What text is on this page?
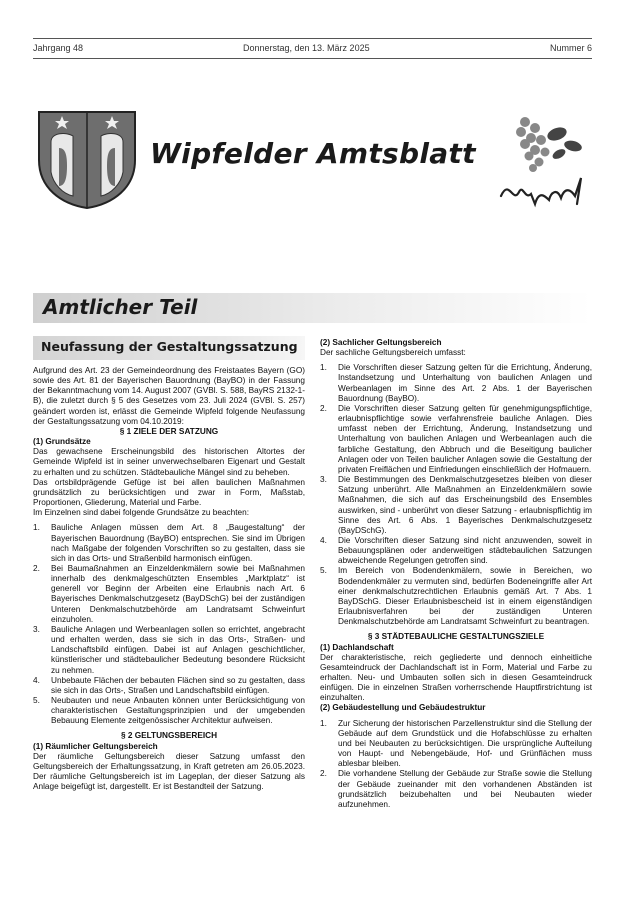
Jahrgang 48	Donnerstag, den 13. März 2025	Nummer 6
Wipfelder Amtsblatt
Wipfeld
Amtlicher Teil
Neufassung der Gestaltungssatzung

Aufgrund des Art. 23 der Gemeindeordnung des Freistaates Bayern (GO) sowie des Art. 81 der Bayerischen Bauordnung (BayBO) in der Fassung der Bekanntmachung vom 14. August 2007 (GVBl. S. 588, BayRS 2132-1-B), die zuletzt durch § 5 des Gesetzes vom 23. Juli 2024 (GVBl. S. 257) geändert worden ist, erlässt die Gemeinde Wipfeld folgende Neufassung der Gestaltungssatzung vom 04.10.2019:

§ 1 ZIELE DER SATZUNG

(1) Grundsätze

Das gewachsene Erscheinungsbild des historischen Altortes der Gemeinde Wipfeld ist in seiner unverwechselbaren Eigenart und Gestalt zu erhalten und zu schützen. Städtebauliche Mängel sind zu beheben.

Das ortsbildprägende Gefüge ist bei allen baulichen Maßnahmen grundsätzlich zu berücksichtigen und zwar in Form, Maßstab, Proportionen, Gliederung, Material und Farbe.

Im Einzelnen sind dabei folgende Grundsätze zu beachten:

1. Bauliche Anlagen müssen dem Art. 8 „Baugestaltung“ der Bayerischen Bauordnung (BayBO) entsprechen. Sie sind im Übrigen nach Maßgabe der folgenden Vorschriften so zu gestalten, dass sie sich in das Orts- und Straßenbild harmonisch einfügen.
2. Bei Baumaßnahmen an Einzeldenkmälern sowie bei Maßnahmen innerhalb des denkmalgeschützten Ensembles „Marktplatz“ ist generell vor Beginn der Arbeiten eine Erlaubnis nach Art. 6 Bayerisches Denkmalschutzgesetz (BayDSchG) bei der zuständigen Unteren Denkmalschutzbehörde am Landratsamt Schweinfurt einzuholen.
3. Bauliche Anlagen und Werbeanlagen sollen so errichtet, angebracht und erhalten werden, dass sie sich in das Orts-, Straßen- und Landschaftsbild einfügen. Dabei ist auf Anlagen geschichtlicher, künstlerischer und städtebaulicher Bedeutung besondere Rücksicht zu nehmen.
4. Unbebaute Flächen der bebauten Flächen sind so zu gestalten, dass sie sich in das Orts-, Straßen und Landschaftsbild einfügen.
5. Neubauten und neue Anbauten können unter Berücksichtigung von charakteristischen Gestaltungsprinzipien und der umgebenden Bebauung Elemente zeitgenössischer Architektur aufweisen.

§ 2 GELTUNGSBEREICH

(1) Räumlicher Geltungsbereich

Der räumliche Geltungsbereich dieser Satzung umfasst den Geltungsbereich der Erhaltungssatzung, in Kraft getreten am 26.05.2023. Der räumliche Geltungsbereich ist im Lageplan, der dieser Satzung als Anlage beigefügt ist, dargestellt. Er ist Bestandteil der Satzung.

(2) Sachlicher Geltungsbereich

Der sachliche Geltungsbereich umfasst:

1. Die Vorschriften dieser Satzung gelten für die Errichtung, Änderung, Instandsetzung und Unterhaltung von baulichen Anlagen und Werbeanlagen im Sinne des Art. 2 Abs. 1 der Bayerischen Bauordnung (BayBO).
2. Die Vorschriften dieser Satzung gelten für genehmigungspflichtige, erlaubnispflichtige sowie verfahrensfreie bauliche Anlagen. Dies umfasst neben der Errichtung, Änderung, Instandsetzung und Unterhaltung von baulichen Anlagen und Werbeanlagen auch die farbliche Gestaltung, den Abbruch und die Beseitigung baulicher Anlagen oder von Teilen baulicher Anlagen sowie die Gestaltung der privaten Freiflächen und Einfriedungen einschließlich der Hofmauern.
3. Die Bestimmungen des Denkmalschutzgesetzes bleiben von dieser Satzung unberührt. Alle Maßnahmen an Einzeldenkmälern sowie Maßnahmen, die sich auf das Erscheinungsbild des Ensembles auswirken, sind - unberührt von dieser Satzung - erlaubnispflichtig im Sinne des Art. 6 Abs. 1 Bayerisches Denkmalschutzgesetz (BayDSchG).
4. Die Vorschriften dieser Satzung sind nicht anzuwenden, soweit in Bebauungsplänen oder anderweitigen städtebaulichen Satzungen abweichende Regelungen getroffen sind.
5. Im Bereich von Bodendenkmälern, sowie in Bereichen, wo Bodendenkmäler zu vermuten sind, bedürfen Bodeneingriffe aller Art einer denkmalschutzrechtlichen Erlaubnis gemäß Art. 7 Abs. 1 BayDSchG. Dieser Erlaubnisbescheid ist in einem eigenständigen Erlaubnisverfahren bei der zuständigen Unteren Denkmalschutzbehörde am Landratsamt Schweinfurt zu beantragen.

§ 3 STÄDTEBAULICHE GESTALTUNGSZIELE

(1) Dachlandschaft

Der charakteristische, reich gegliederte und dennoch einheitliche Gesamteindruck der Dachlandschaft ist in Form, Material und Farbe zu erhalten. Neu- und Umbauten sollen sich in diesen Gesamteindruck einfügen. Die in einzelnen Straßen vorherrschende Hauptfirstrichtung ist einzuhalten.

(2) Gebäudestellung und Gebäudestruktur

1. Zur Sicherung der historischen Parzellenstruktur sind die Stellung der Gebäude auf dem Grundstück und die Hofabschlüsse zu erhalten und bei Neubauten zu berücksichtigen. Die ursprüngliche Aufteilung von Haupt- und Nebengebäude, Hof- und Grünflächen muss ablesbar bleiben.
2. Die vorhandene Stellung der Gebäude zur Straße sowie die Stellung der Gebäude zueinander mit den vorhandenen Abständen ist grundsätzlich beizubehalten und bei Neubauten wieder aufzunehmen.
